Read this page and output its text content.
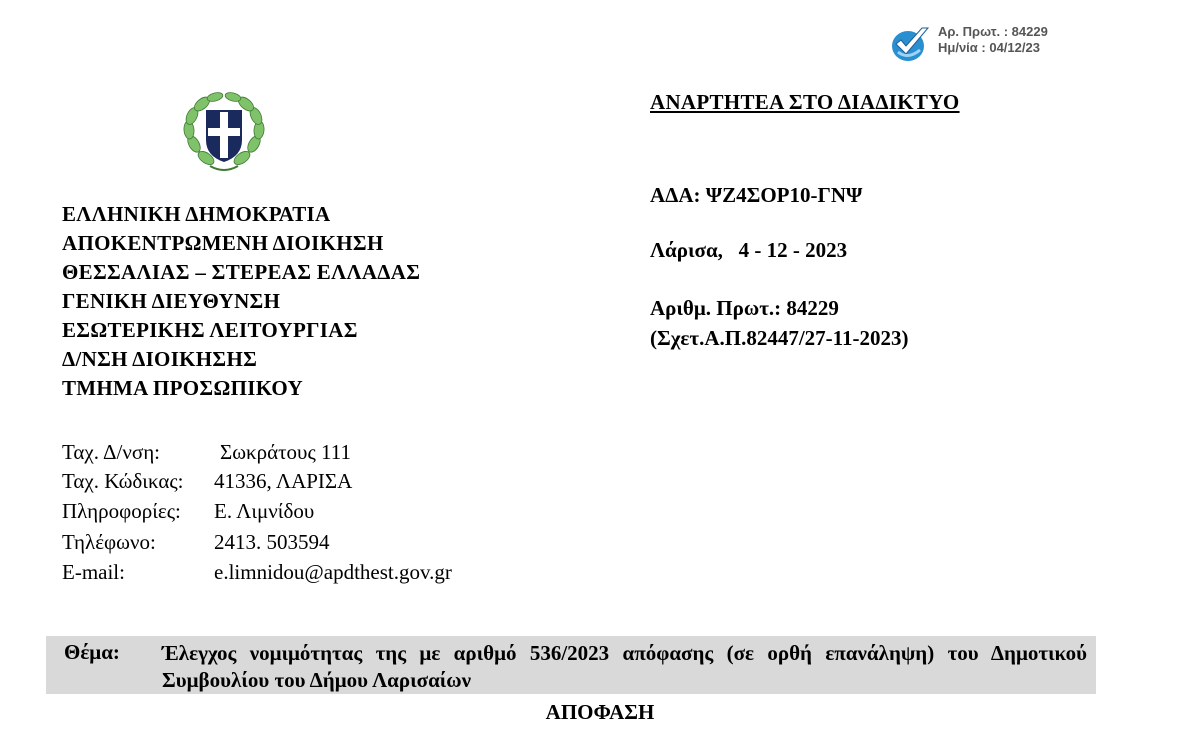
Αρ. Πρωτ. : 84229
Ημ/νία : 04/12/23
ΕΛΛΗΝΙΚΗ ΔΗΜΟΚΡΑΤΙΑ
ΑΠΟΚΕΝΤΡΩΜΕΝΗ ΔΙΟΙΚΗΣΗ
ΘΕΣΣΑΛΙΑΣ – ΣΤΕΡΕΑΣ ΕΛΛΑΔΑΣ
ΓΕΝΙΚΗ ΔΙΕΥΘΥΝΣΗ
ΕΣΩΤΕΡΙΚΗΣ ΛΕΙΤΟΥΡΓΙΑΣ
Δ/ΝΣΗ ΔΙΟΙΚΗΣΗΣ
ΤΜΗΜΑ ΠΡΟΣΩΠΙΚΟΥ
ΑΝΑΡΤΗΤΕΑ ΣΤΟ ΔΙΑΔΙΚΤΥΟ
ΑΔΑ: ΨΖ4ΣΟΡ10-ΓΝΨ
Λάρισα,   4 - 12 - 2023
Αριθμ. Πρωτ.: 84229
(Σχετ.Α.Π.82447/27-11-2023)
Ταχ. Δ/νση:	Σωκράτους 111
Ταχ. Κώδικας: 41336, ΛΑΡΙΣΑ
Πληροφορίες: Ε. Λιμνίδου
Τηλέφωνο:	2413. 503594
E-mail:	e.limnidou@apdthest.gov.gr
Θέμα: Έλεγχος νομιμότητας της με αριθμό 536/2023 απόφασης (σε ορθή επανάληψη) του Δημοτικού Συμβουλίου του Δήμου Λαρισαίων
ΑΠΟΦΑΣΗ
